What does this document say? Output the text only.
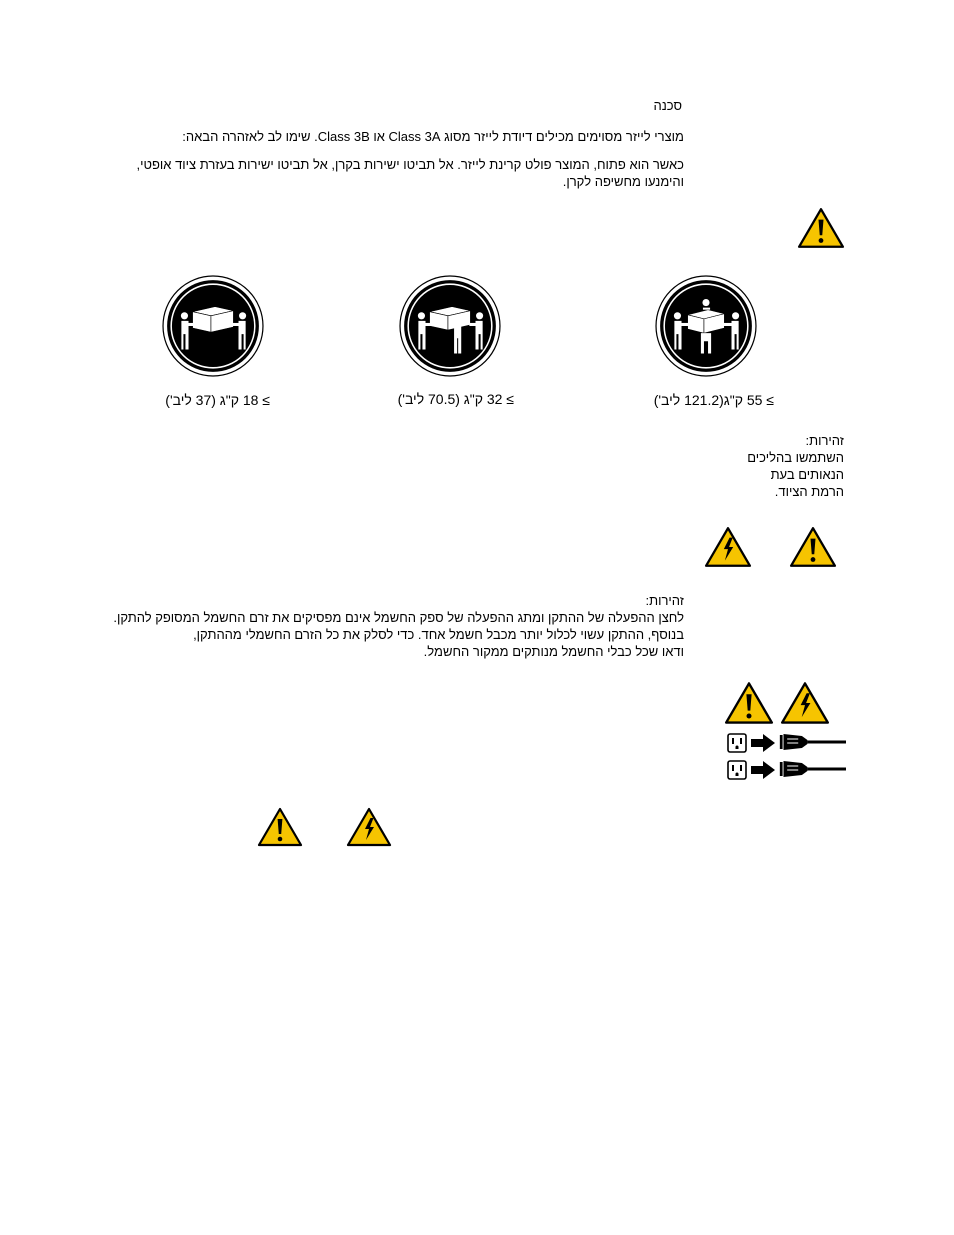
סכנה

מוצרי לייזר מסוימים מכילים דיודת לייזר מסוג Class 3A או Class 3B. שימו לב לאזהרה הבאה:

כאשר הוא פתוח, המוצר פולט קרינת לייזר. אל תביטו ישירות בקרן, אל תביטו ישירות בעזרת ציוד אופטי,

והימנעו מחשיפה לקרן.

≥ 55 ק"ג(121.2 ליב')
≥ 32 ק"ג (70.5 ליב')
≥ 18 ק"ג (37 ליב')

זהירות:

השתמשו בהליכים

הנאותים בעת

הרמת הציוד.

זהירות:

לחצן ההפעלה של ההתקן ומתג ההפעלה של ספק החשמל אינם מפסיקים את זרם החשמל המסופק להתקן.

בנוסף, ההתקן עשוי לכלול יותר מכבל חשמל אחד. כדי לסלק את כל הזרם החשמלי מההתקן,

ודאו שכל כבלי החשמל מנותקים ממקור החשמל.
